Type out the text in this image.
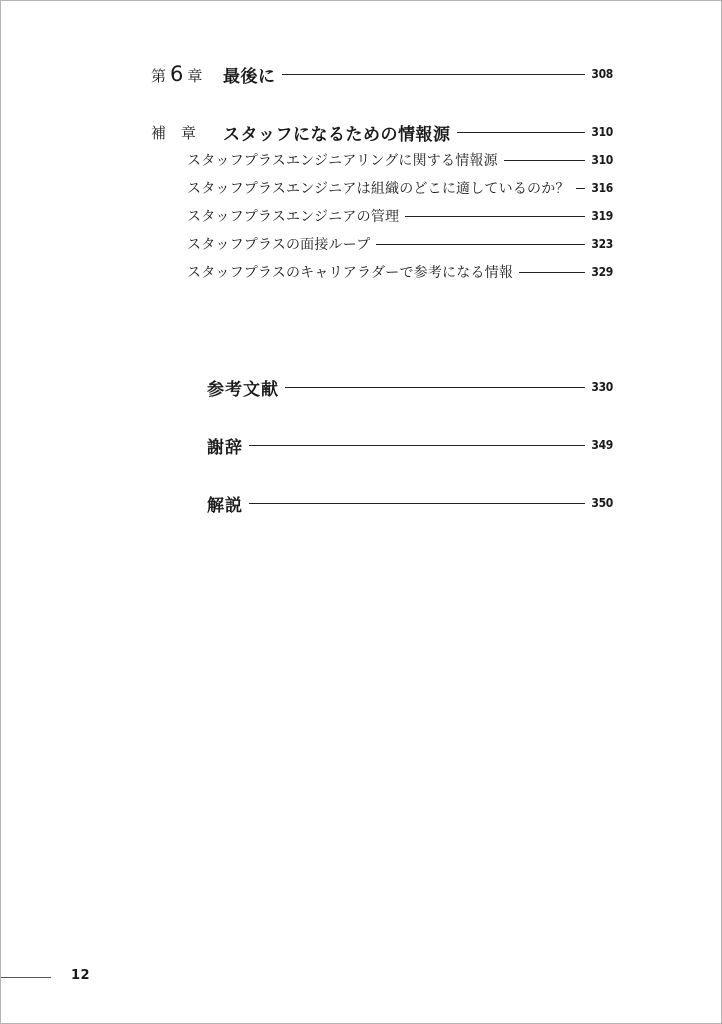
第 6 章 最後に	308
補　章	スタッフになるための情報源	310
スタッフプラスエンジニアリングに関する情報源	310
スタッフプラスエンジニアは組織のどこに適しているのか？ 316
スタッフプラスエンジニアの管理	319
スタッフプラスの面接ループ	323
スタッフプラスのキャリアラダーで参考になる情報	329
参考文献	330
謝辞	349
解説	350
12
